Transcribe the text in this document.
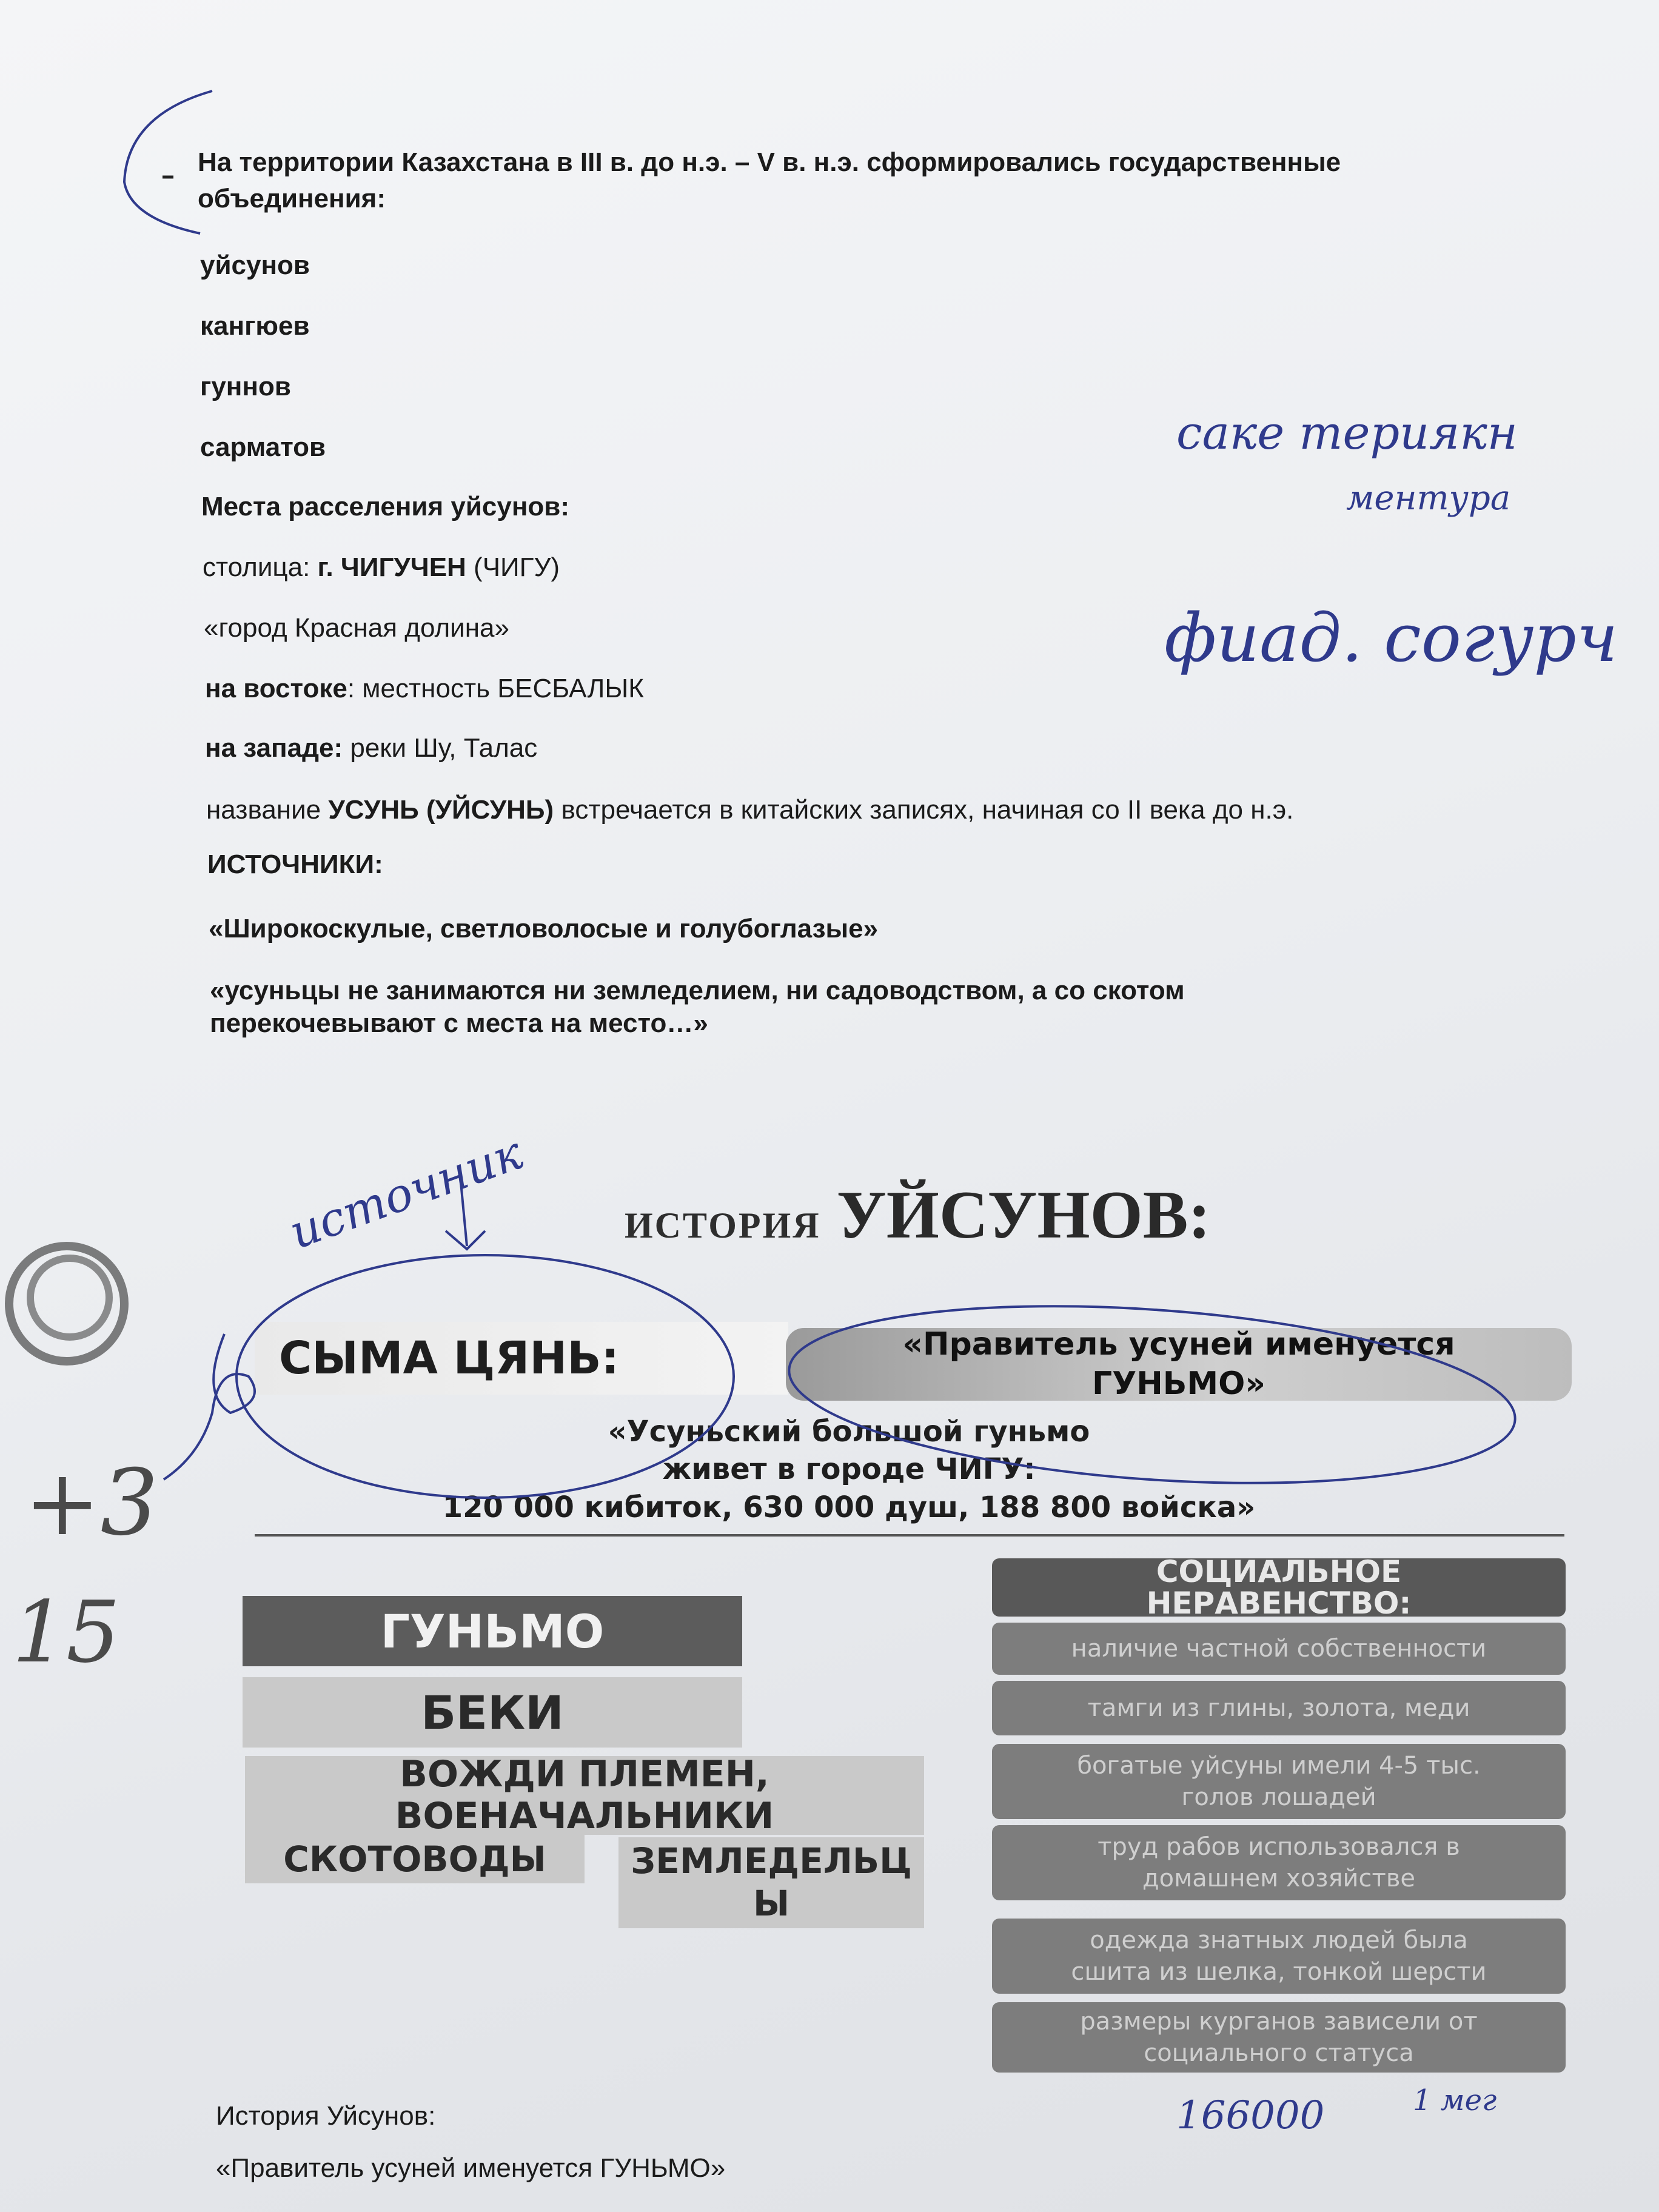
На территории Казахстана в III в. до н.э. – V в. н.э. сформировались государственные
объединения:
уйсунов
кангюев
гуннов
сарматов
Места расселения уйсунов:
столица: г. ЧИГУЧЕН (ЧИГУ)
«город Красная долина»
на востоке: местность БЕСБАЛЫК
на западе: реки Шу, Талас
название УСУНЬ (УЙСУНЬ) встречается в китайских записях, начиная со II века до н.э.
ИСТОЧНИКИ:
«Широкоскулые, светловолосые и голубоглазые»
«усуньцы не занимаются ни земледелием, ни садоводством, а со скотом
перекочевывают с места на место…»
ИСТОРИЯ УЙСУНОВ:
СЫМА ЦЯНЬ:	«Правитель усуней именуется
ГУНЬМО»
«Усуньский большой гуньмо
живет в городе ЧИГУ:
120 000 кибиток, 630 000 душ, 188 800 войска»
ГУНЬМО
БЕКИ
ВОЖДИ ПЛЕМЕН,
ВОЕНАЧАЛЬНИКИ
СКОТОВОДЫ ЗЕМЛЕДЕЛЬЦ
Ы
СОЦИАЛЬНОЕ
НЕРАВЕНСТВО:
наличие частной собственности
тамги из глины, золота, меди
богатые уйсуны имели 4-5 тыс.
голов лошадей
труд рабов использовался в
домашнем хозяйстве
одежда знатных людей была
сшита из шелка, тонкой шерсти
размеры курганов зависели от
социального статуса
История Уйсунов:
«Правитель усуней именуется ГУНЬМО»
саке териякн
ментура
фиад. согурч
источник
+3
15
166000	1 мег
